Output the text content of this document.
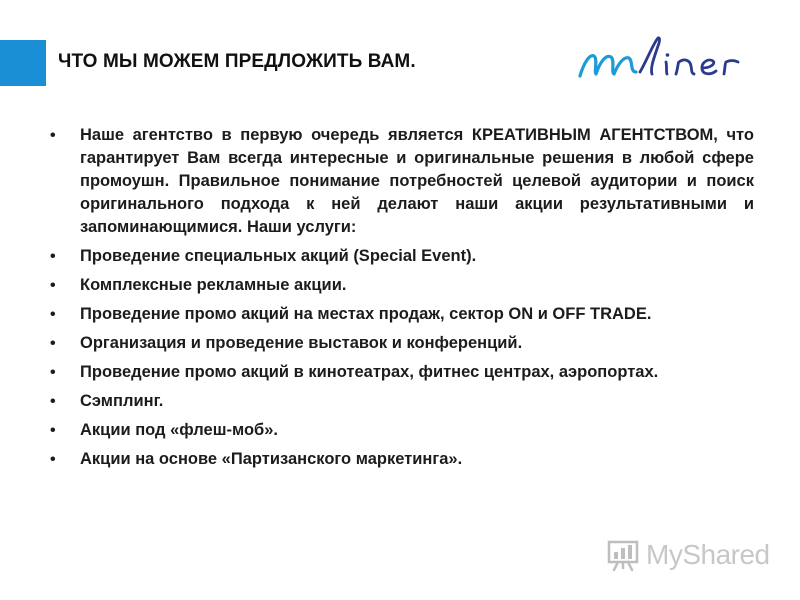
ЧТО МЫ МОЖЕМ ПРЕДЛОЖИТЬ ВАМ.
•	Наше агентство в первую очередь является КРЕАТИВНЫМ АГЕНТСТВОМ, что гарантирует Вам всегда интересные и оригинальные решения в любой сфере промоушн. Правильное понимание потребностей целевой аудитории и поиск оригинального подхода к ней делают наши акции результативными и запоминающимися. Наши услуги:
•	Проведение специальных акций (Special Event).
•	Комплексные рекламные акции.
•	Проведение промо акций на местах продаж, сектор ON и OFF TRADE.
•	Организация и проведение выставок и конференций.
•	Проведение промо акций в кинотеатрах, фитнес центрах, аэропортах.
•	Сэмплинг.
•	Акции под «флеш-моб».
•	Акции на основе «Партизанского маркетинга».
MyShared
